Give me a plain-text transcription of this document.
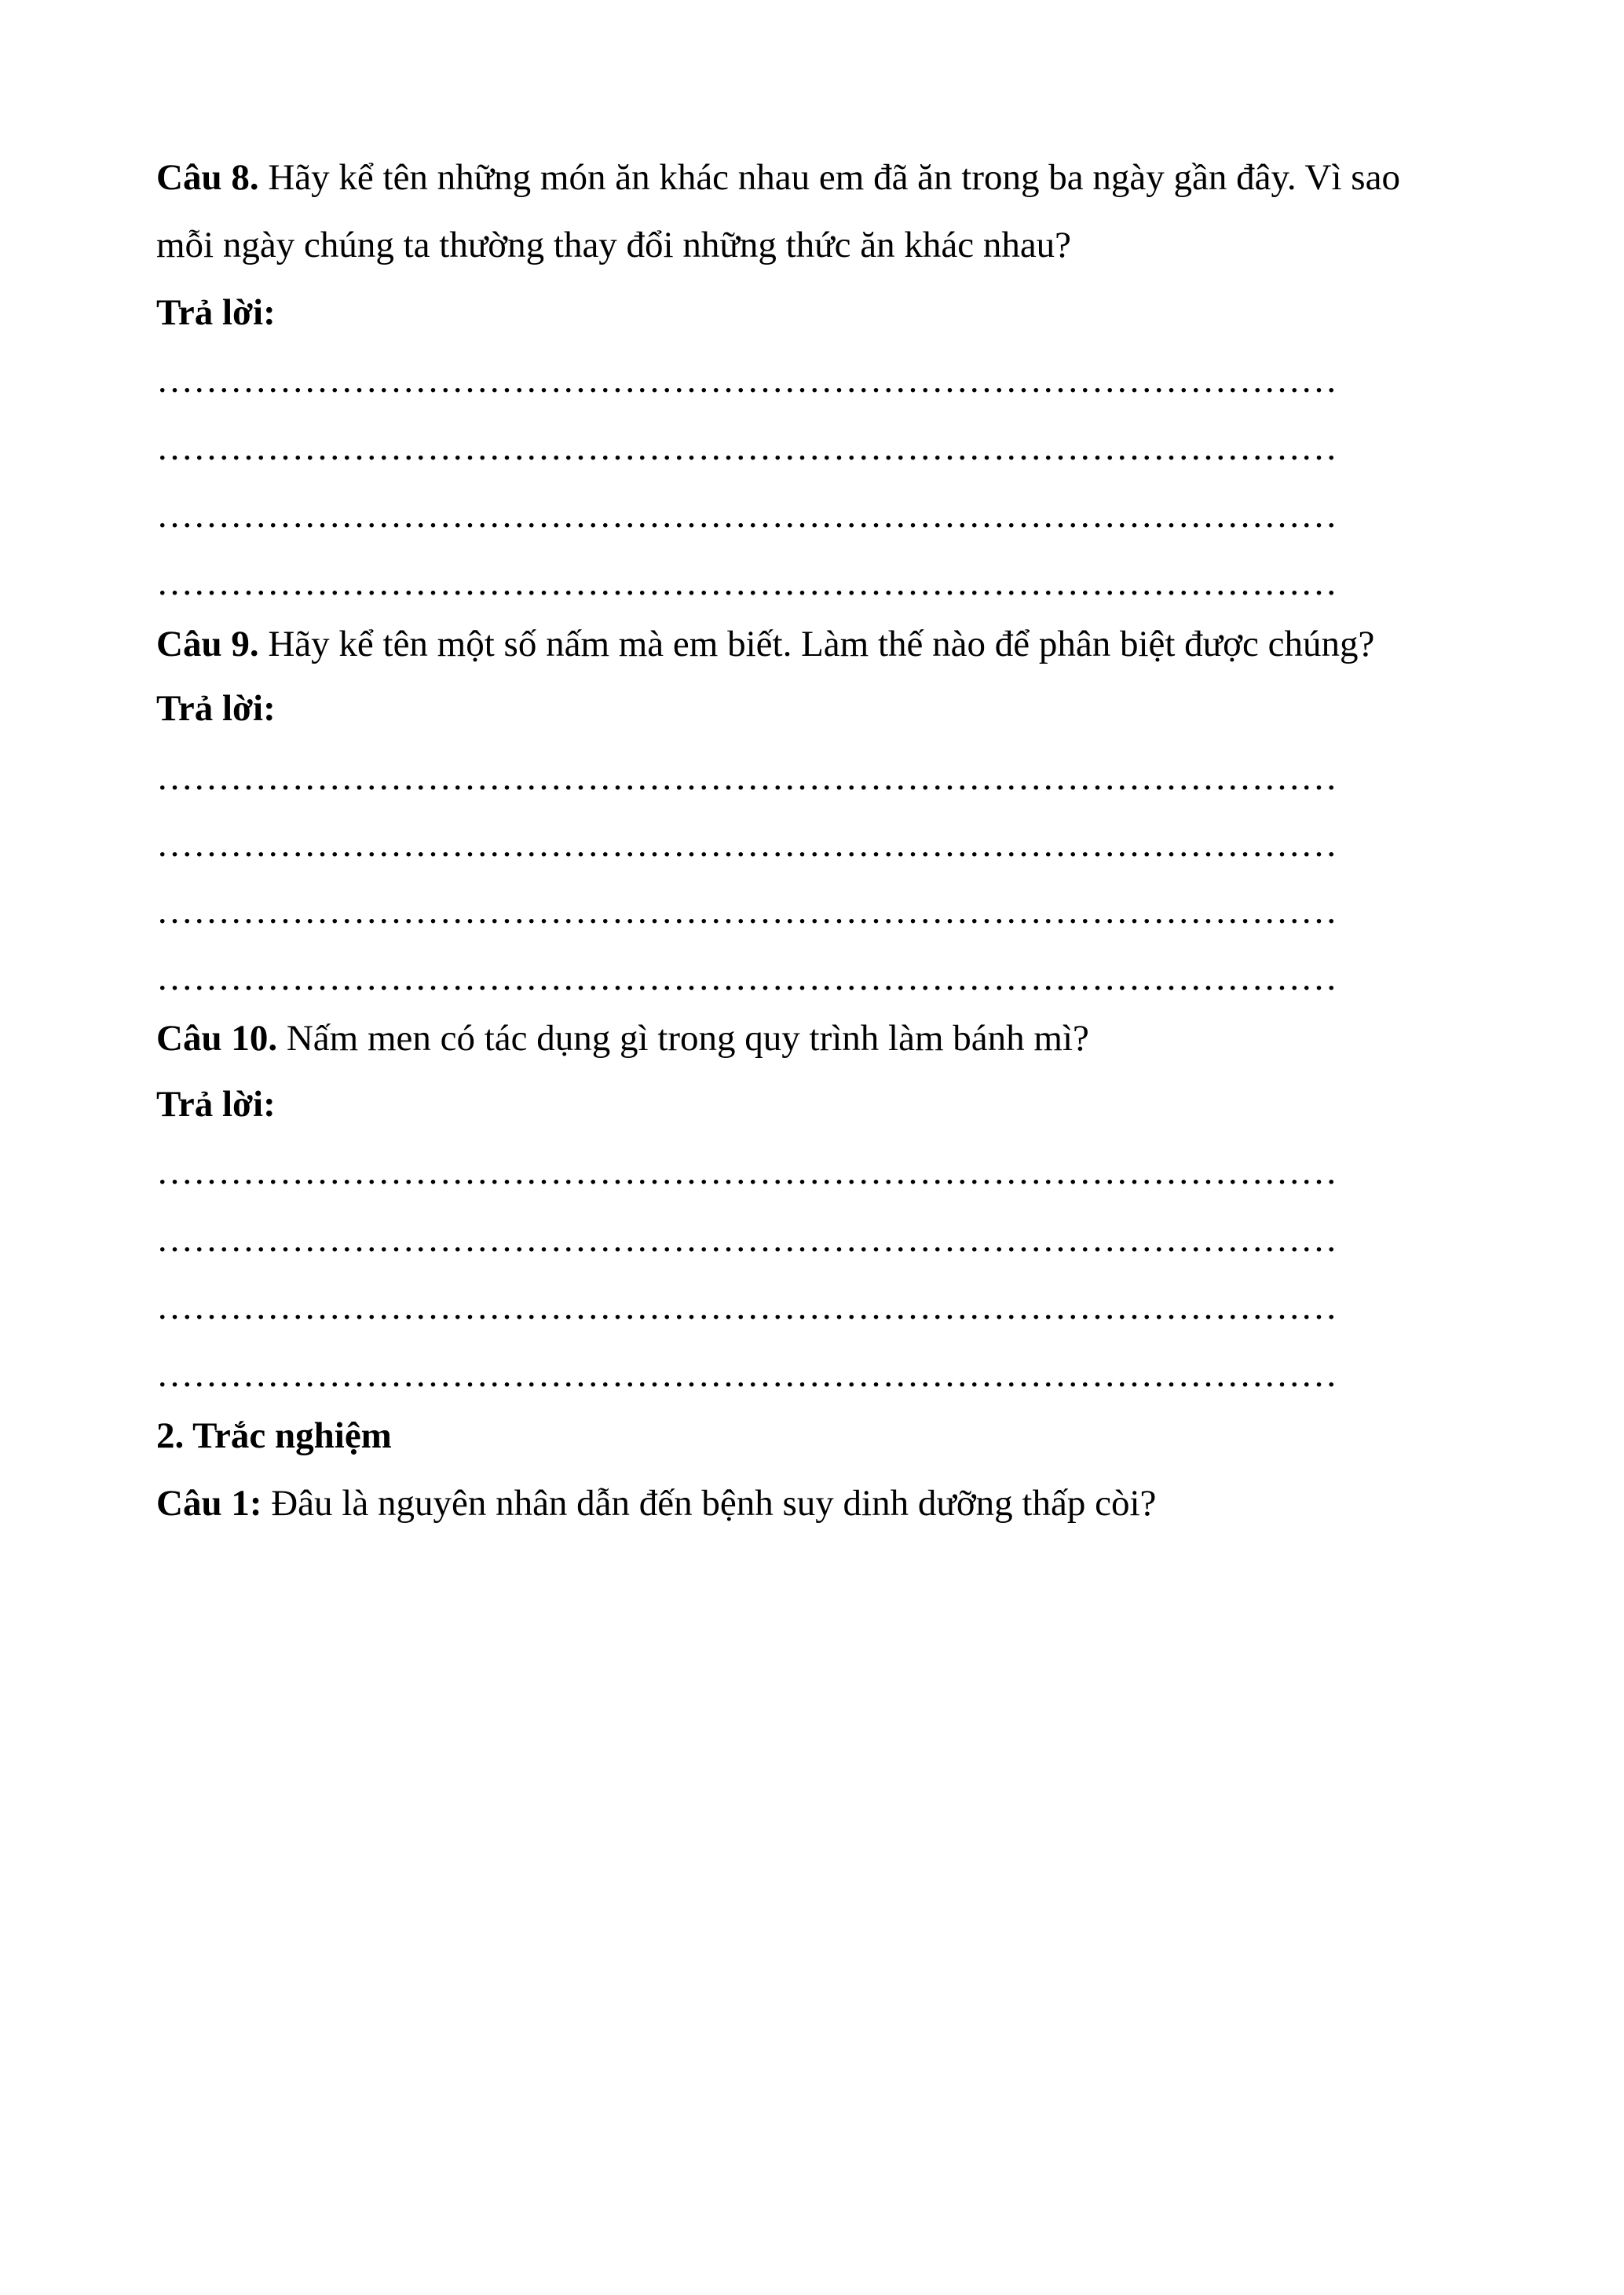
Câu 8. Hãy kể tên những món ăn khác nhau em đã ăn trong ba ngày gần đây. Vì sao
mỗi ngày chúng ta thường thay đổi những thức ăn khác nhau?
Trả lời:
……………………………………………………………………………………
……………………………………………………………………………………
……………………………………………………………………………………
……………………………………………………………………………………
Câu 9. Hãy kể tên một số nấm mà em biết. Làm thế nào để phân biệt được chúng?
Trả lời:
……………………………………………………………………………………
……………………………………………………………………………………
……………………………………………………………………………………
……………………………………………………………………………………
Câu 10. Nấm men có tác dụng gì trong quy trình làm bánh mì?
Trả lời:
……………………………………………………………………………………
……………………………………………………………………………………
……………………………………………………………………………………
……………………………………………………………………………………
2. Trắc nghiệm
Câu 1: Đâu là nguyên nhân dẫn đến bệnh suy dinh dưỡng thấp còi?
